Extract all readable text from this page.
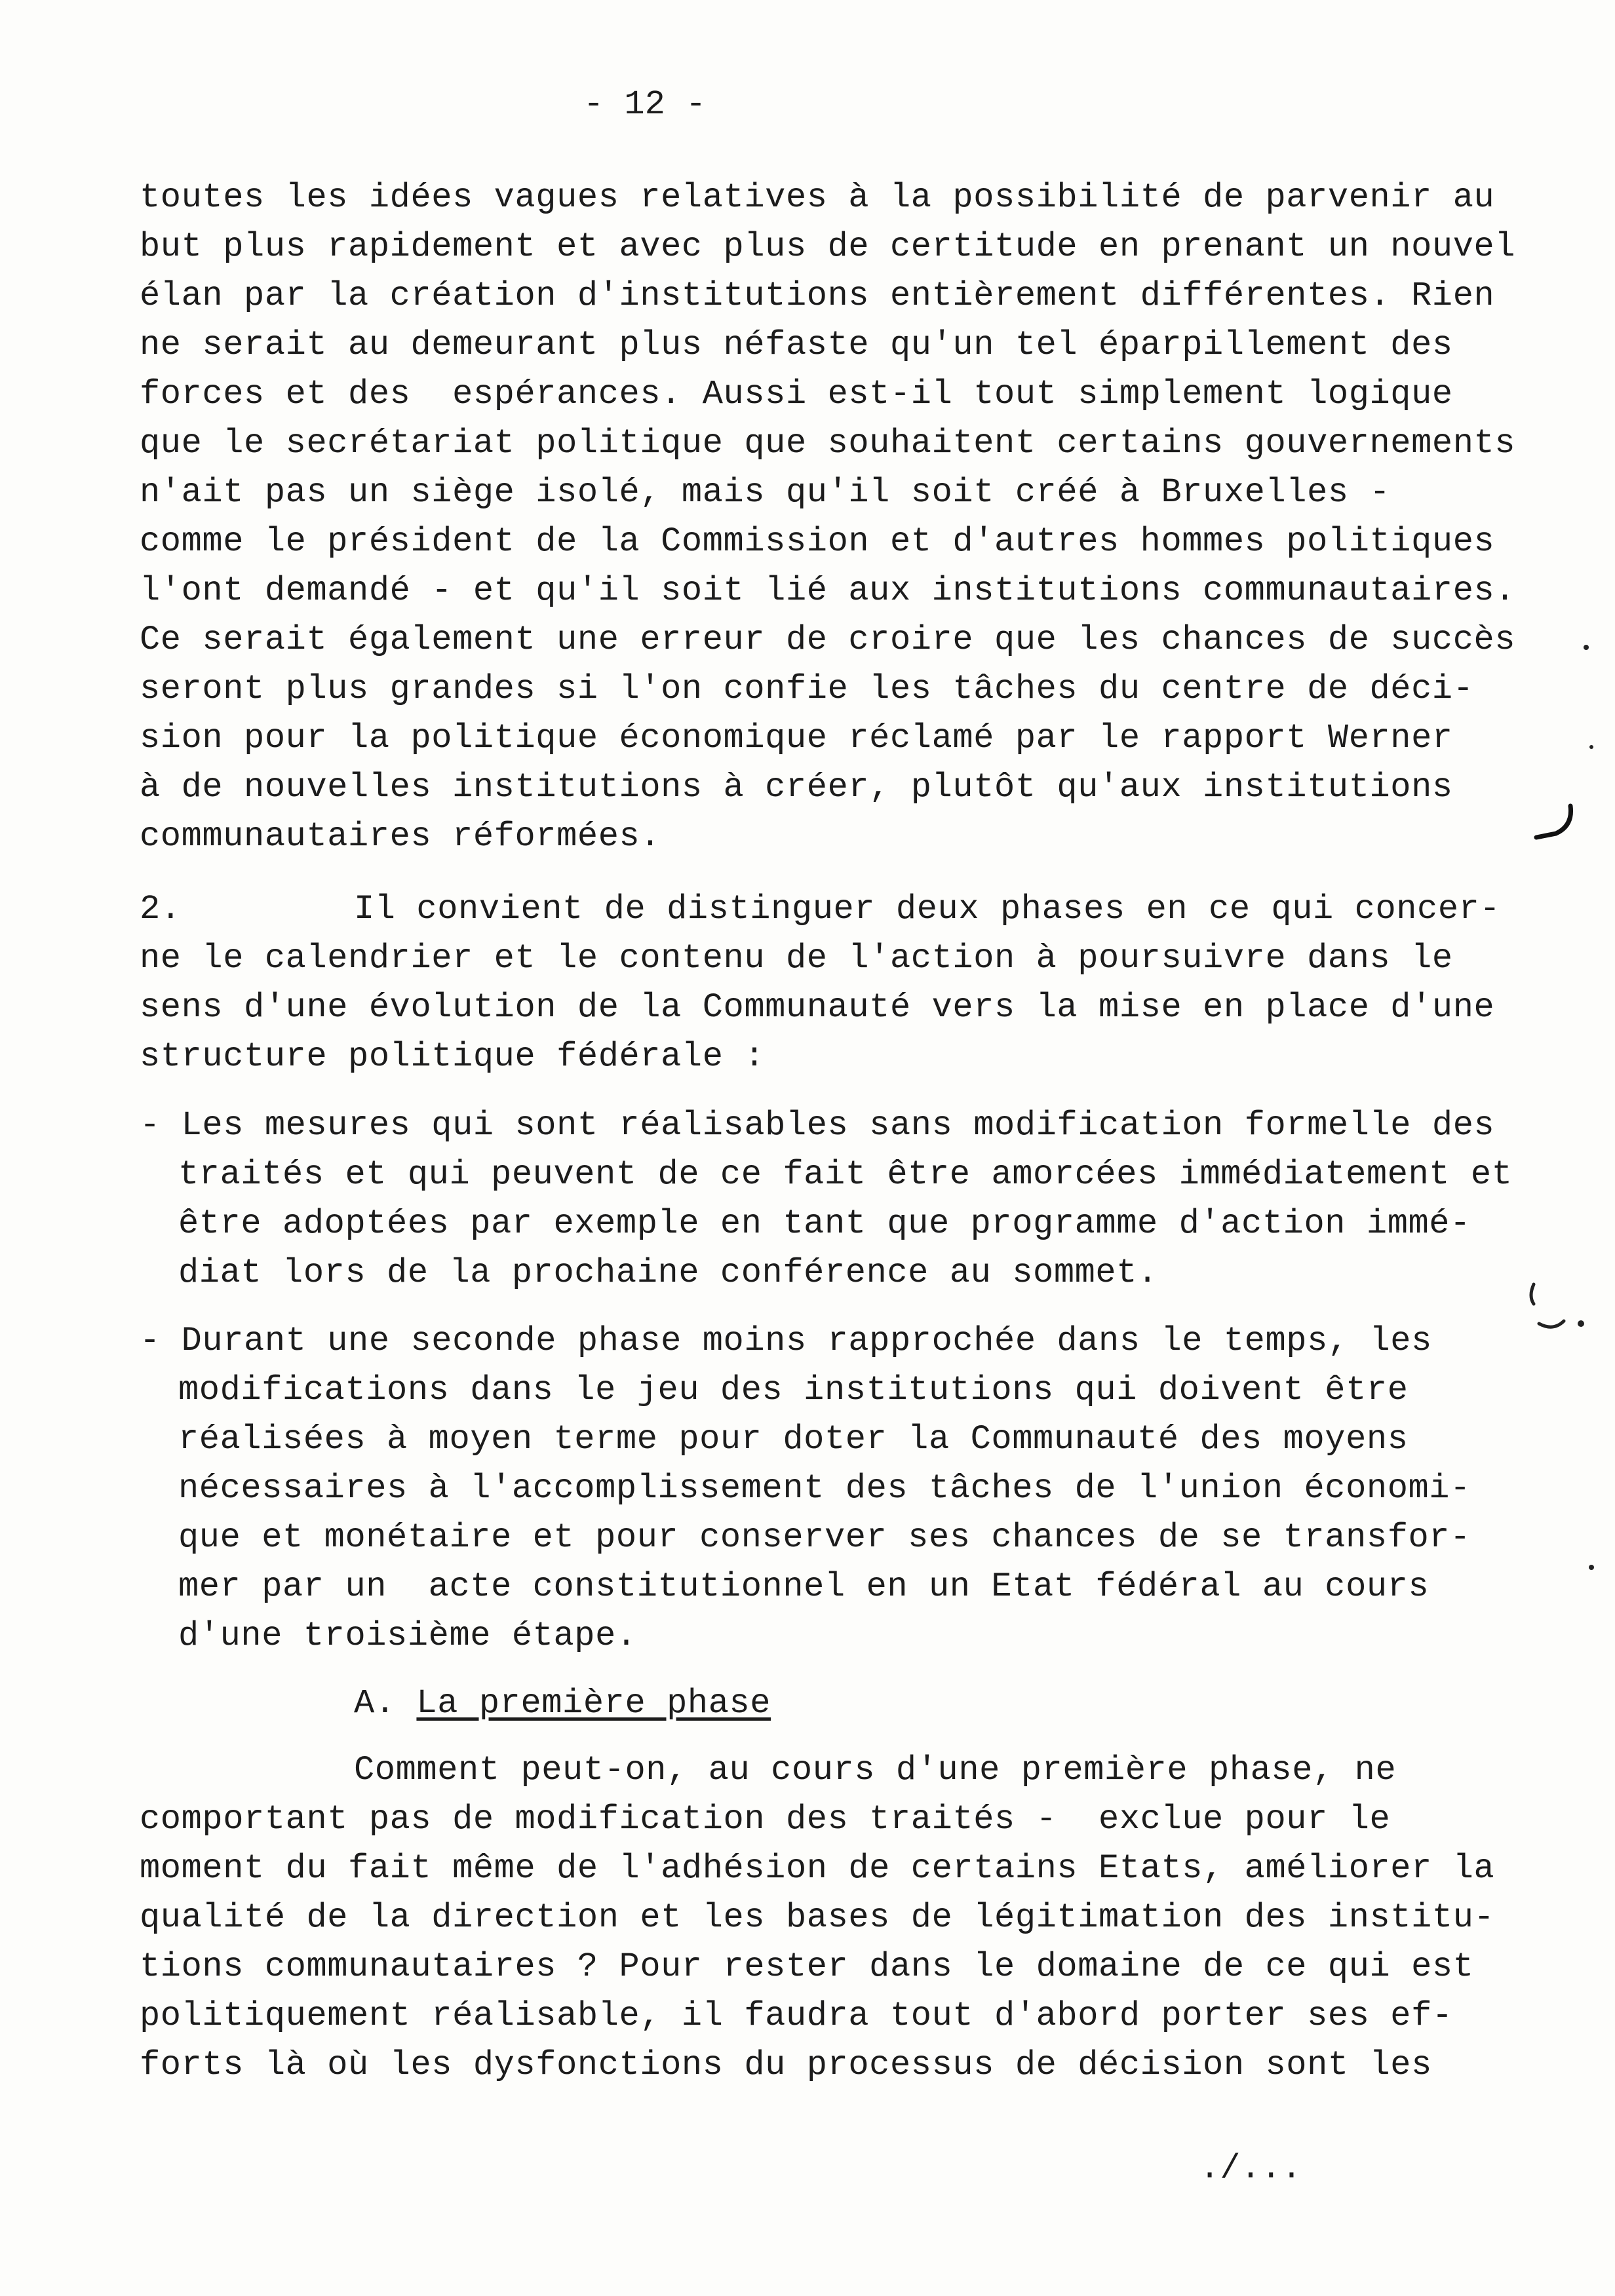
- 12 -
toutes les idées vagues relatives à la possibilité de parvenir au
but plus rapidement et avec plus de certitude en prenant un nouvel
élan par la création d'institutions entièrement différentes. Rien
ne serait au demeurant plus néfaste qu'un tel éparpillement des
forces et des  espérances. Aussi est-il tout simplement logique
que le secrétariat politique que souhaitent certains gouvernements
n'ait pas un siège isolé, mais qu'il soit créé à Bruxelles -
comme le président de la Commission et d'autres hommes politiques
l'ont demandé - et qu'il soit lié aux institutions communautaires.
Ce serait également une erreur de croire que les chances de succès
seront plus grandes si l'on confie les tâches du centre de déci-
sion pour la politique économique réclamé par le rapport Werner
à de nouvelles institutions à créer, plutôt qu'aux institutions
communautaires réformées.
2.	Il convient de distinguer deux phases en ce qui concer-
ne le calendrier et le contenu de l'action à poursuivre dans le
sens d'une évolution de la Communauté vers la mise en place d'une
structure politique fédérale :
- Les mesures qui sont réalisables sans modification formelle des
traités et qui peuvent de ce fait être amorcées immédiatement et
être adoptées par exemple en tant que programme d'action immé-
diat lors de la prochaine conférence au sommet.
- Durant une seconde phase moins rapprochée dans le temps, les
modifications dans le jeu des institutions qui doivent être
réalisées à moyen terme pour doter la Communauté des moyens
nécessaires à l'accomplissement des tâches de l'union économi-
que et monétaire et pour conserver ses chances de se transfor-
mer par un  acte constitutionnel en un Etat fédéral au cours
d'une troisième étape.
A. La première phase
Comment peut-on, au cours d'une première phase, ne
comportant pas de modification des traités -  exclue pour le
moment du fait même de l'adhésion de certains Etats, améliorer la
qualité de la direction et les bases de légitimation des institu-
tions communautaires ? Pour rester dans le domaine de ce qui est
politiquement réalisable, il faudra tout d'abord porter ses ef-
forts là où les dysfonctions du processus de décision sont les
./...
